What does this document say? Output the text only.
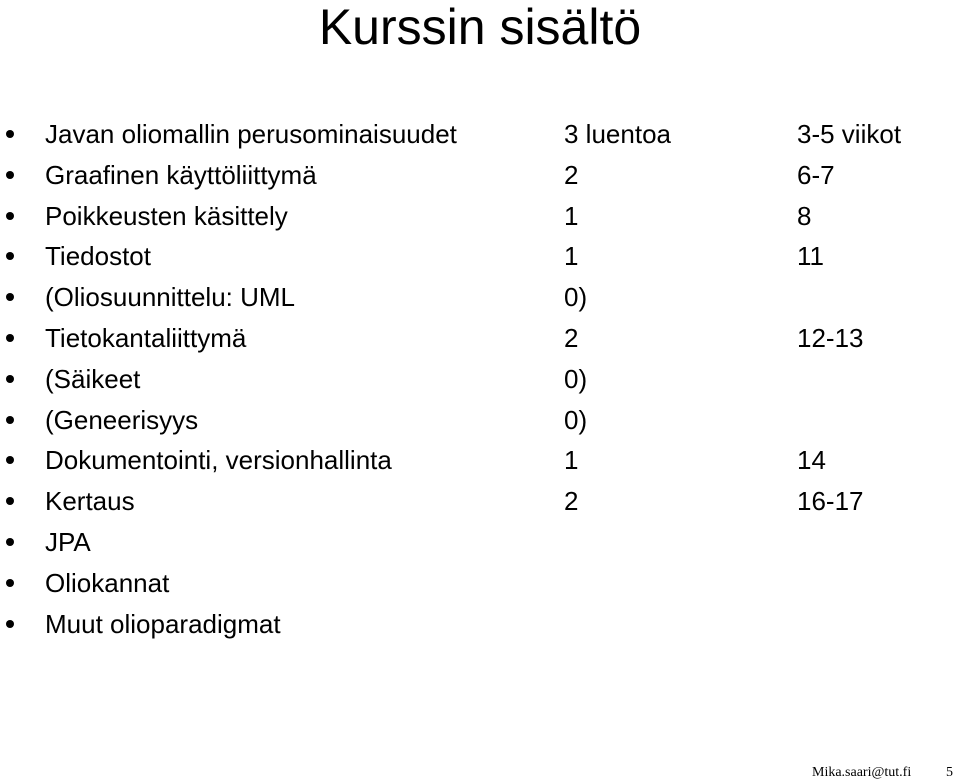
Kurssin sisältö
Javan oliomallin perusominaisuudet	3 luentoa	3-5 viikot
Graafinen käyttöliittymä	2	6-7
Poikkeusten käsittely	1	8
Tiedostot	1	11
(Oliosuunnittelu: UML	0)
Tietokantaliittymä	2	12-13
(Säikeet	0)
(Geneerisyys	0)
Dokumentointi, versionhallinta	1	14
Kertaus	2	16-17
JPA
Oliokannat
Muut olioparadigmat
Mika.saari@tut.fi 5
